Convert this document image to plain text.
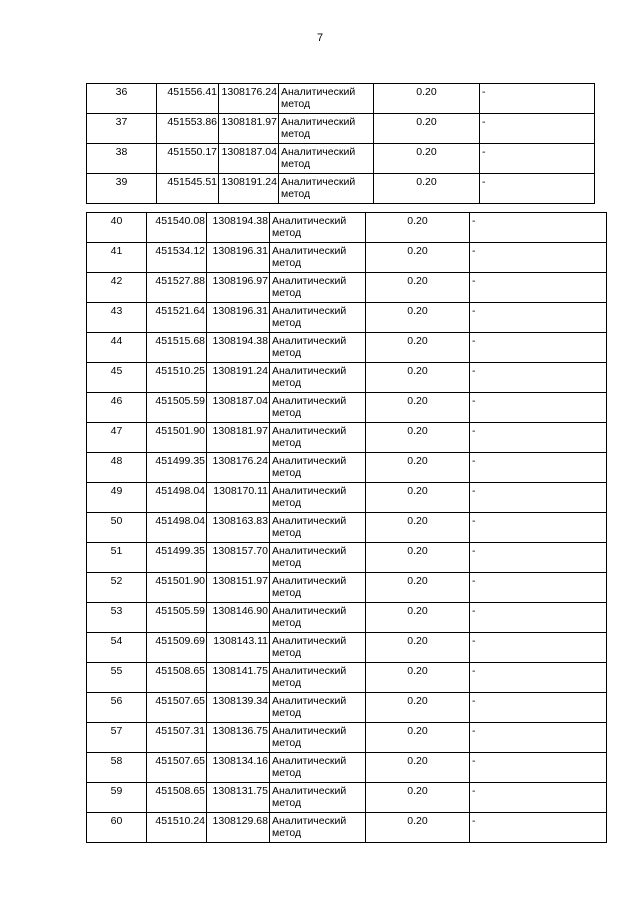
7
36	451556.41	1308176.24	Аналитический метод	0.20	-
37	451553.86	1308181.97	Аналитический метод	0.20	-
38	451550.17	1308187.04	Аналитический метод	0.20	-
39	451545.51	1308191.24	Аналитический метод	0.20	-
40	451540.08	1308194.38	Аналитический метод	0.20	-
41	451534.12	1308196.31	Аналитический метод	0.20	-
42	451527.88	1308196.97	Аналитический метод	0.20	-
43	451521.64	1308196.31	Аналитический метод	0.20	-
44	451515.68	1308194.38	Аналитический метод	0.20	-
45	451510.25	1308191.24	Аналитический метод	0.20	-
46	451505.59	1308187.04	Аналитический метод	0.20	-
47	451501.90	1308181.97	Аналитический метод	0.20	-
48	451499.35	1308176.24	Аналитический метод	0.20	-
49	451498.04	1308170.11	Аналитический метод	0.20	-
50	451498.04	1308163.83	Аналитический метод	0.20	-
51	451499.35	1308157.70	Аналитический метод	0.20	-
52	451501.90	1308151.97	Аналитический метод	0.20	-
53	451505.59	1308146.90	Аналитический метод	0.20	-
54	451509.69	1308143.11	Аналитический метод	0.20	-
55	451508.65	1308141.75	Аналитический метод	0.20	-
56	451507.65	1308139.34	Аналитический метод	0.20	-
57	451507.31	1308136.75	Аналитический метод	0.20	-
58	451507.65	1308134.16	Аналитический метод	0.20	-
59	451508.65	1308131.75	Аналитический метод	0.20	-
60	451510.24	1308129.68	Аналитический метод	0.20	-
